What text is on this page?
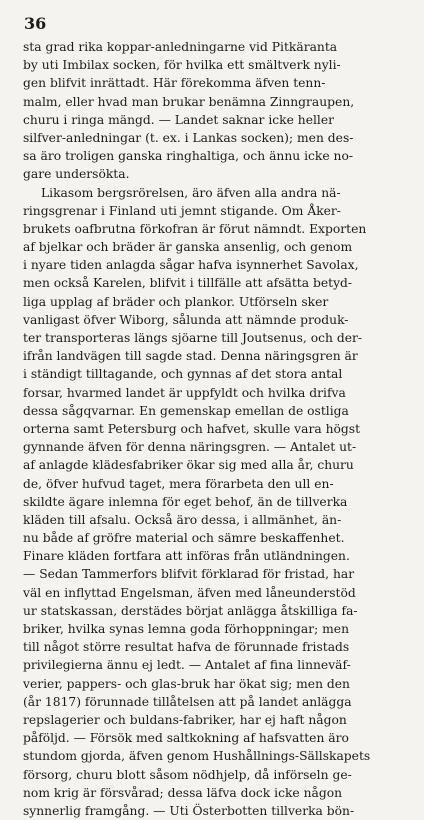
36
sta grad rika koppar-anledningarne vid Pitkäranta
by uti Imbilax socken, för hvilka ett smältverk nyli-
gen blifvit inrättadt. Här förekomma äfven tenn-
malm, eller hvad man brukar benämna Zinngraupen,
churu i ringa mängd. — Landet saknar icke heller
silfver-anledningar (t. ex. i Lankas socken); men des-
sa äro troligen ganska ringhaltiga, och ännu icke no-
gare undersökta.
Likasom bergsrörelsen, äro äfven alla andra nä-
ringsgrenar i Finland uti jemnt stigande. Om Åker-
brukets oafbrutna förkofran är förut nämndt. Exporten
af bjelkar och bräder är ganska ansenlig, och genom
i nyare tiden anlagda sågar hafva isynnerhet Savolax,
men också Karelen, blifvit i tillfälle att afsätta betyd-
liga upplag af bräder och plankor. Utförseln sker
vanligast öfver Wiborg, sålunda att nämnde produk-
ter transporteras längs sjöarne till Joutsenus, och der-
ifrån landvägen till sagde stad. Denna näringsgren är
i ständigt tilltagande, och gynnas af det stora antal
forsar, hvarmed landet är uppfyldt och hvilka drifva
dessa sågqvarnar. En gemenskap emellan de ostliga
orterna samt Petersburg och hafvet, skulle vara högst
gynnande äfven för denna näringsgren. — Antalet ut-
af anlagde klädesfabriker ökar sig med alla år, churu
de, öfver hufvud taget, mera förarbeta den ull en-
skildte ägare inlemna för eget behof, än de tillverka
kläden till afsalu. Också äro dessa, i allmänhet, än-
nu både af gröfre material och sämre beskaffenhet.
Finare kläden fortfara att införas från utländningen.
— Sedan Tammerfors blifvit förklarad för fristad, har
väl en inflyttad Engelsman, äfven med låneunderstöd
ur statskassan, derstädes börjat anlägga åtskilliga fa-
briker, hvilka synas lemna goda förhoppningar; men
till något större resultat hafva de förunnade fristads
privilegierna ännu ej ledt. — Antalet af fina linneväf-
verier, pappers- och glas-bruk har ökat sig; men den
(år 1817) förunnade tillåtelsen att på landet anlägga
repslagerier och buldans-fabriker, har ej haft någon
påföljd. — Försök med saltkokning af hafsvatten äro
stundom gjorda, äfven genom Hushållnings-Sällskapets
försorg, churu blott såsom nödhjelp, då införseln ge-
nom krig är försvårad; dessa läfva dock icke någon
synnerlig framgång. — Uti Österbotten tillverka bön-
